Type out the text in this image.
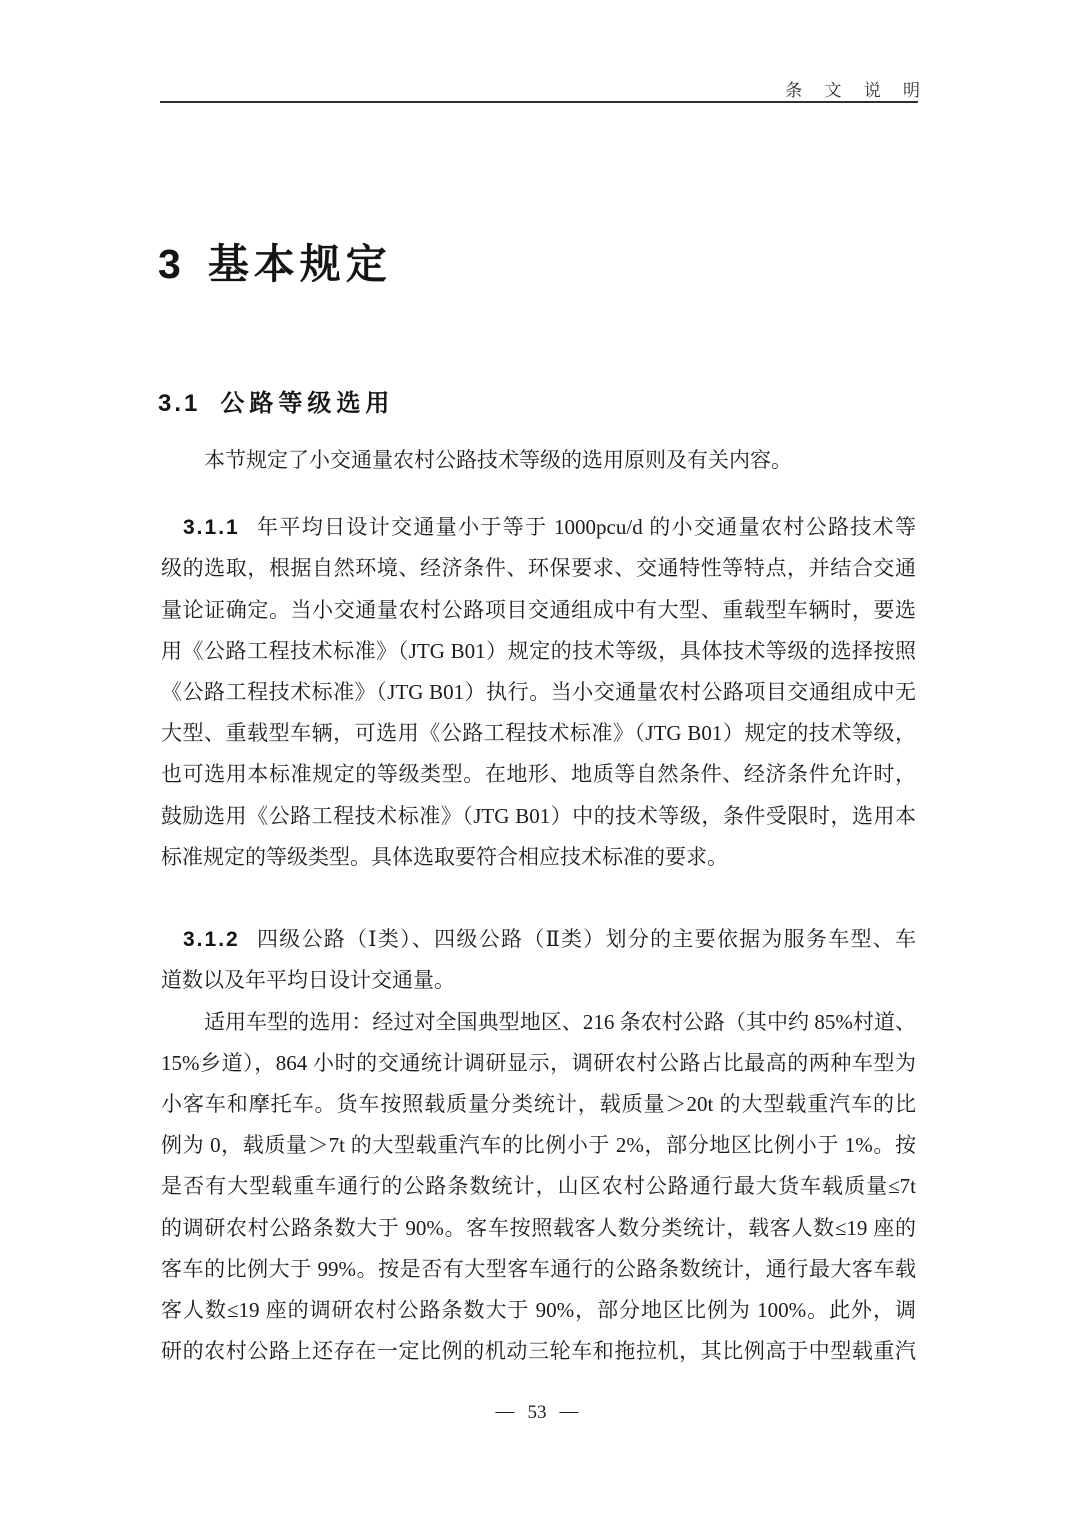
条 文 说 明
3 基本规定
3.1 公路等级选用
本节规定了小交通量农村公路技术等级的选用原则及有关内容。
3.1.1 年平均日设计交通量小于等于 1000pcu/d 的小交通量农村公路技术等
级的选取，根据自然环境、经济条件、环保要求、交通特性等特点，并结合交通
量论证确定。当小交通量农村公路项目交通组成中有大型、重载型车辆时，要选
用《公路工程技术标准》（JTG B01）规定的技术等级，具体技术等级的选择按照
《公路工程技术标准》（JTG B01）执行。当小交通量农村公路项目交通组成中无
大型、重载型车辆，可选用《公路工程技术标准》（JTG B01）规定的技术等级，
也可选用本标准规定的等级类型。在地形、地质等自然条件、经济条件允许时，
鼓励选用《公路工程技术标准》（JTG B01）中的技术等级，条件受限时，选用本
标准规定的等级类型。具体选取要符合相应技术标准的要求。
3.1.2 四级公路（Ⅰ类）、四级公路（Ⅱ类）划分的主要依据为服务车型、车
道数以及年平均日设计交通量。
适用车型的选用：经过对全国典型地区、216 条农村公路（其中约 85%村道、
15%乡道），864 小时的交通统计调研显示，调研农村公路占比最高的两种车型为
小客车和摩托车。货车按照载质量分类统计，载质量＞20t 的大型载重汽车的比
例为 0，载质量＞7t 的大型载重汽车的比例小于 2%，部分地区比例小于 1%。按
是否有大型载重车通行的公路条数统计，山区农村公路通行最大货车载质量≤7t
的调研农村公路条数大于 90%。客车按照载客人数分类统计，载客人数≤19 座的
客车的比例大于 99%。按是否有大型客车通行的公路条数统计，通行最大客车载
客人数≤19 座的调研农村公路条数大于 90%，部分地区比例为 100%。此外，调
研的农村公路上还存在一定比例的机动三轮车和拖拉机，其比例高于中型载重汽
— 53 —
